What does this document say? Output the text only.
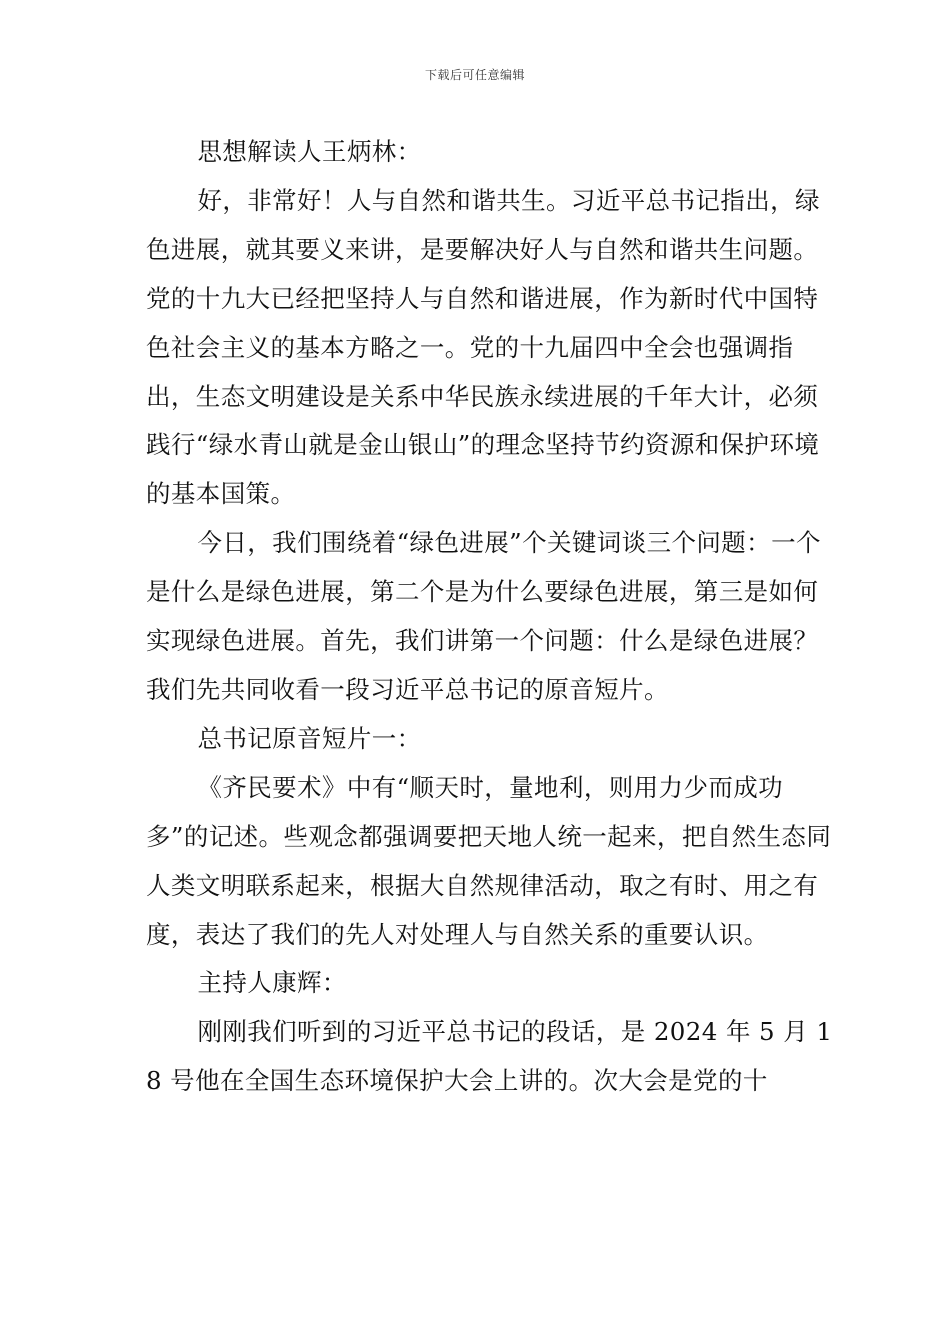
下载后可任意编辑

思想解读人王炳林：

好，非常好！人与自然和谐共生。习近平总书记指出，绿色进展，就其要义来讲，是要解决好人与自然和谐共生问题。党的十九大已经把坚持人与自然和谐进展，作为新时代中国特色社会主义的基本方略之一。党的十九届四中全会也强调指出，生态文明建设是关系中华民族永续进展的千年大计，必须践行“绿水青山就是金山银山”的理念坚持节约资源和保护环境的基本国策。

今日，我们围绕着“绿色进展”个关键词谈三个问题：一个是什么是绿色进展，第二个是为什么要绿色进展，第三是如何实现绿色进展。首先，我们讲第一个问题：什么是绿色进展？我们先共同收看一段习近平总书记的原音短片。

总书记原音短片一：

《齐民要术》中有“顺天时，量地利，则用力少而成功多”的记述。些观念都强调要把天地人统一起来，把自然生态同人类文明联系起来，根据大自然规律活动，取之有时、用之有度，表达了我们的先人对处理人与自然关系的重要认识。

主持人康辉：

刚刚我们听到的习近平总书记的段话，是 2024 年 5 月 18 号他在全国生态环境保护大会上讲的。次大会是党的十
